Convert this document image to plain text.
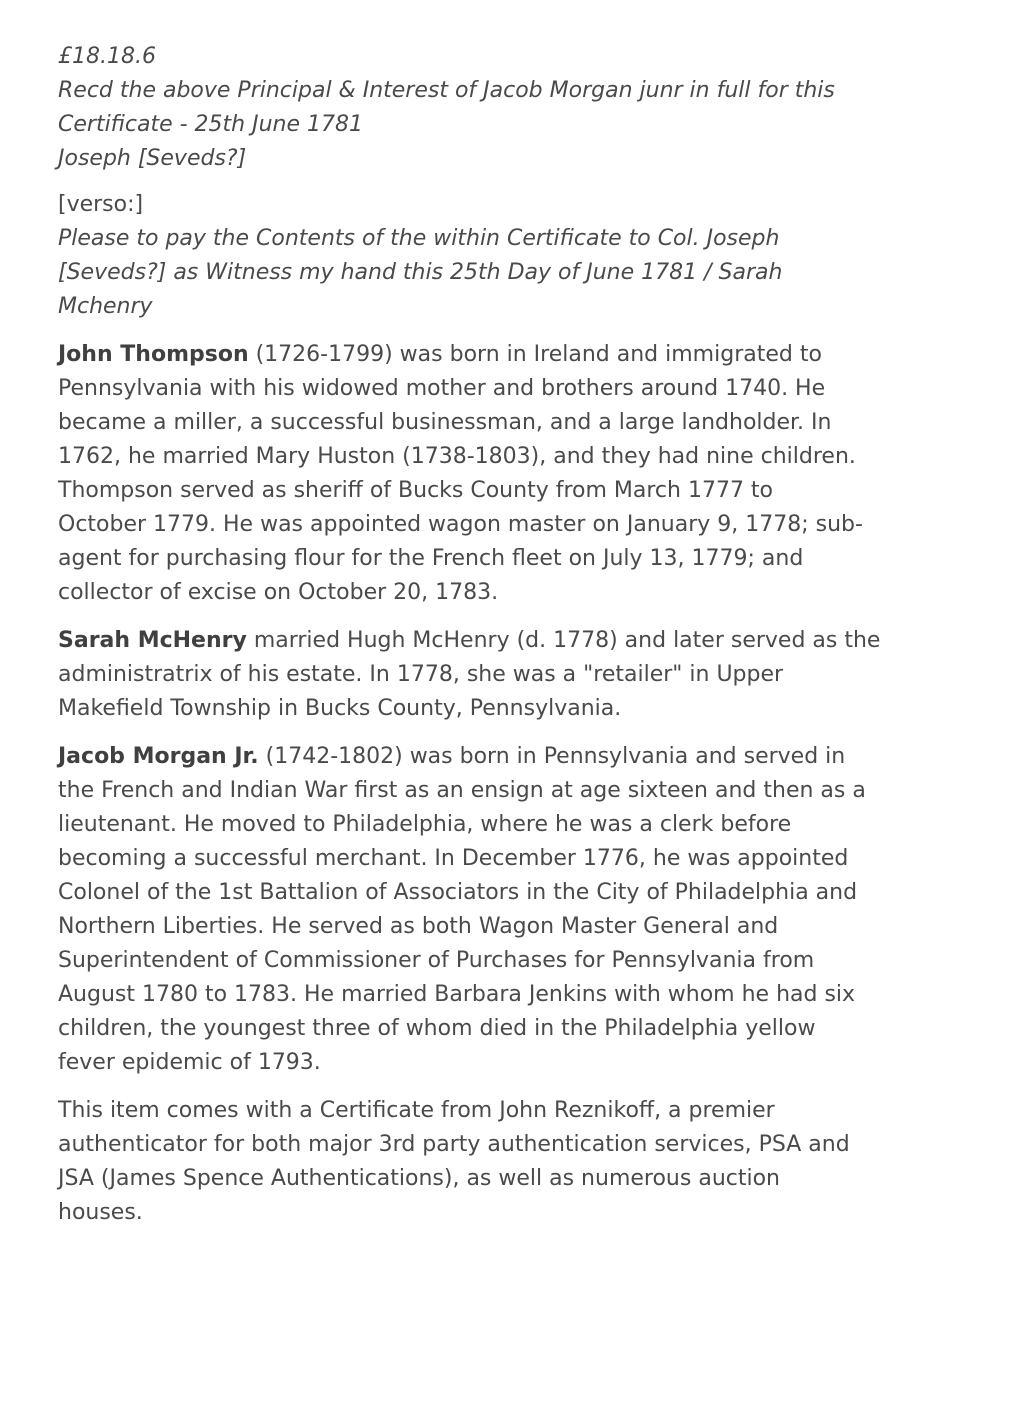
£18.18.6
Recd the above Principal & Interest of Jacob Morgan junr in full for this
Certificate - 25th June 1781
Joseph [Seveds?]
[verso:]
Please to pay the Contents of the within Certificate to Col. Joseph
[Seveds?] as Witness my hand this 25th Day of June 1781 / Sarah
Mchenry
John Thompson (1726-1799) was born in Ireland and immigrated to
Pennsylvania with his widowed mother and brothers around 1740. He
became a miller, a successful businessman, and a large landholder. In
1762, he married Mary Huston (1738-1803), and they had nine children.
Thompson served as sheriff of Bucks County from March 1777 to
October 1779. He was appointed wagon master on January 9, 1778; sub-
agent for purchasing flour for the French fleet on July 13, 1779; and
collector of excise on October 20, 1783.
Sarah McHenry married Hugh McHenry (d. 1778) and later served as the
administratrix of his estate. In 1778, she was a "retailer" in Upper
Makefield Township in Bucks County, Pennsylvania.
Jacob Morgan Jr. (1742-1802) was born in Pennsylvania and served in
the French and Indian War first as an ensign at age sixteen and then as a
lieutenant. He moved to Philadelphia, where he was a clerk before
becoming a successful merchant. In December 1776, he was appointed
Colonel of the 1st Battalion of Associators in the City of Philadelphia and
Northern Liberties. He served as both Wagon Master General and
Superintendent of Commissioner of Purchases for Pennsylvania from
August 1780 to 1783. He married Barbara Jenkins with whom he had six
children, the youngest three of whom died in the Philadelphia yellow
fever epidemic of 1793.
This item comes with a Certificate from John Reznikoff, a premier
authenticator for both major 3rd party authentication services, PSA and
JSA (James Spence Authentications), as well as numerous auction
houses.
